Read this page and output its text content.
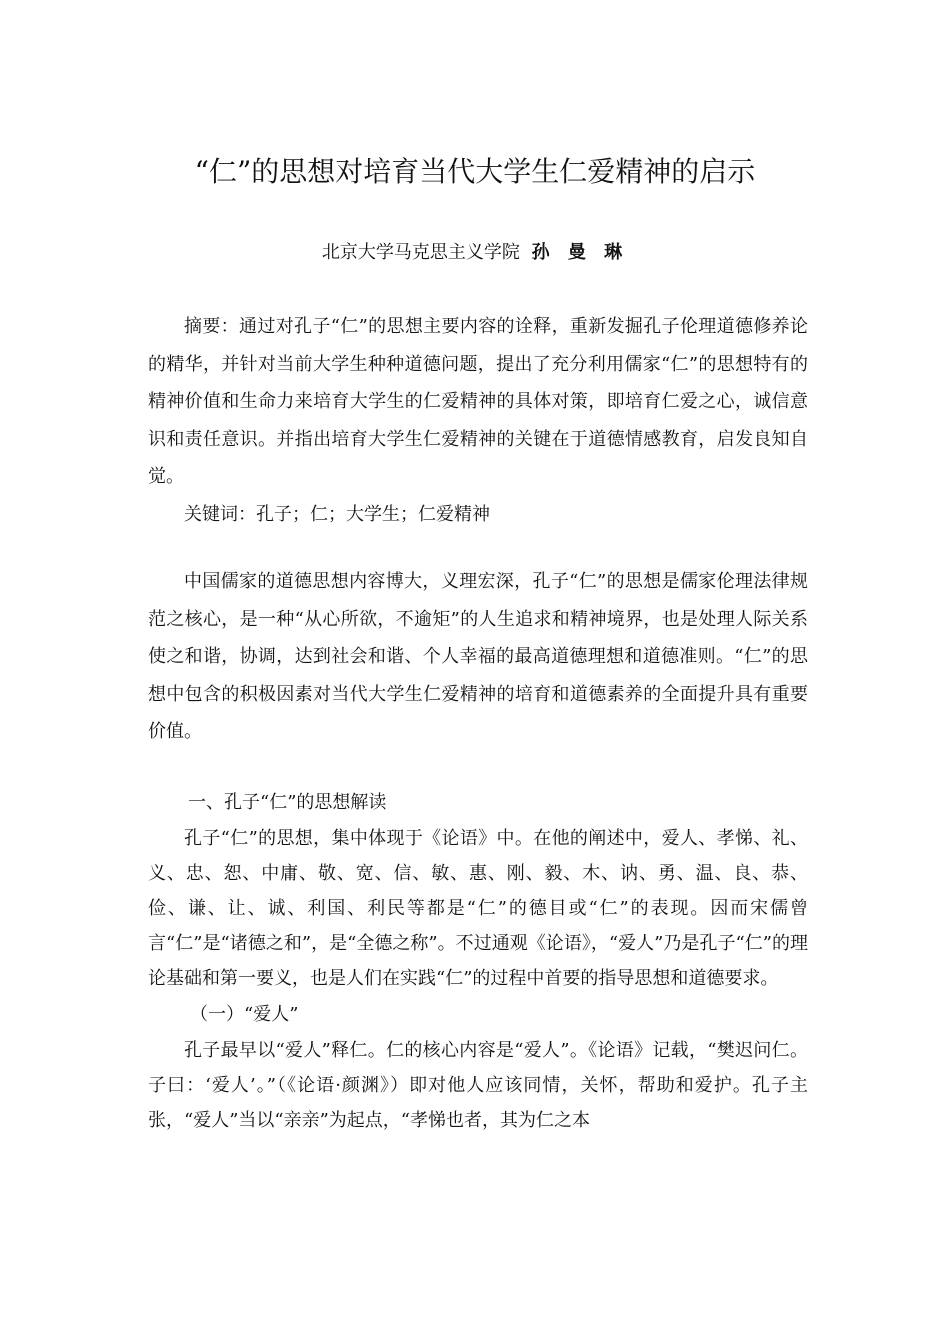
“仁”的思想对培育当代大学生仁爱精神的启示
北京大学马克思主义学院 孙 曼 琳

摘要：通过对孔子“仁”的思想主要内容的诠释，重新发掘孔子伦理道德修养论的精华，并针对当前大学生种种道德问题，提出了充分利用儒家“仁”的思想特有的精神价值和生命力来培育大学生的仁爱精神的具体对策，即培育仁爱之心，诚信意识和责任意识。并指出培育大学生仁爱精神的关键在于道德情感教育，启发良知自觉。

关键词：孔子；仁；大学生；仁爱精神

中国儒家的道德思想内容博大，义理宏深，孔子“仁”的思想是儒家伦理法律规范之核心，是一种“从心所欲，不逾矩”的人生追求和精神境界，也是处理人际关系使之和谐，协调，达到社会和谐、个人幸福的最高道德理想和道德准则。“仁”的思想中包含的积极因素对当代大学生仁爱精神的培育和道德素养的全面提升具有重要价值。

一、孔子“仁”的思想解读

孔子“仁”的思想，集中体现于《论语》中。在他的阐述中，爱人、孝悌、礼、义、忠、恕、中庸、敬、宽、信、敏、惠、刚、毅、木、讷、勇、温、良、恭、俭、谦、让、诚、利国、利民等都是“仁”的德目或“仁”的表现。因而宋儒曾言“仁”是“诸德之和”，是“全德之称”。不过通观《论语》，“爱人”乃是孔子“仁”的理论基础和第一要义，也是人们在实践“仁”的过程中首要的指导思想和道德要求。

（一）“爱人”

孔子最早以“爱人”释仁。仁的核心内容是“爱人”。《论语》记载，“樊迟问仁。子曰：‘爱人’。”（《论语·颜渊》）即对他人应该同情，关怀，帮助和爱护。孔子主张，“爱人”当以“亲亲”为起点，“孝悌也者，其为仁之本
